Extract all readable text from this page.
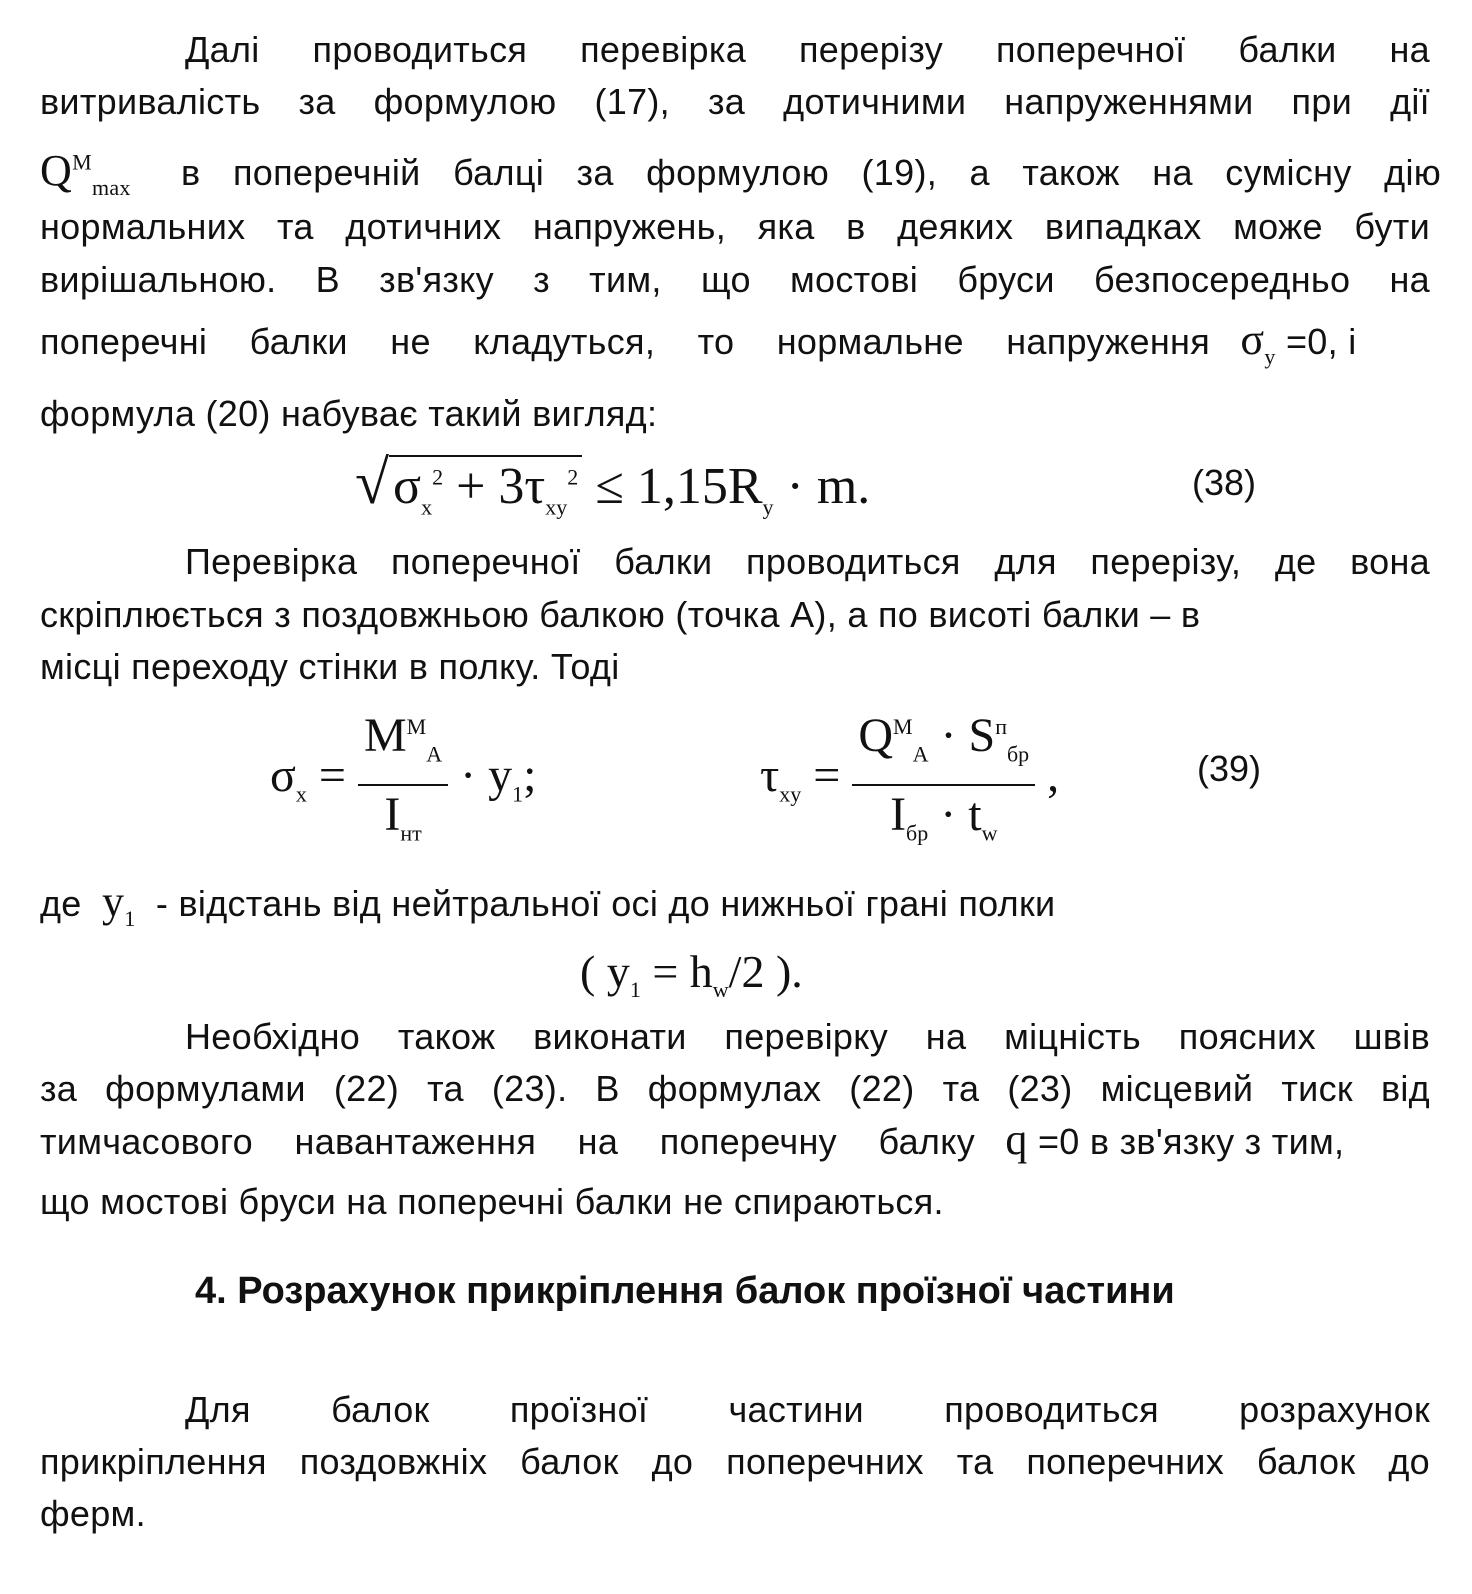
Далі проводиться перевірка перерізу поперечної балки на
витривалість за формулою (17), за дотичними напруженнями при дії
$Q^M_{max}$ в поперечній балці за формулою (19), а також на сумісну дію
нормальних та дотичних напружень, яка в деяких випадках може бути
вирішальною. В зв'язку з тим, що мостові бруси безпосередньо на
поперечні балки не кладуться, то нормальне напруження $\sigma_y =0$, і
формула (20) набуває такий вигляд:
$√\sigma_x^2 + 3\tau_{xy}^2 \le 1,15R_y \cdot m$.	(38)
Перевірка поперечної балки проводиться для перерізу, де вона
скріплюється з поздовжньою балкою (точка А), а по висоті балки – в
місці переходу стінки в полку. Тоді
$\sigma_x = \frac{M^M_A}{I_{нт}} \cdot y_1$;	$\tau_{xy} = \frac{Q^M_A \cdot S^п_{бр}}{I_{бр} \cdot t_w}$ ,	(39)
де $y_1$ - відстань від нейтральної осі до нижньої грані полки
( $y_1 = h_w/2$ ).
Необхідно також виконати перевірку на міцність поясних швів
за формулами (22) та (23). В формулах (22) та (23) місцевий тиск від
тимчасового навантаження на поперечну балку q =0 в зв'язку з тим,
що мостові бруси на поперечні балки не спираються.
4. Розрахунок прикріплення балок проїзної частини
Для балок проїзної частини проводиться розрахунок
прикріплення поздовжніх балок до поперечних та поперечних балок до
ферм.
